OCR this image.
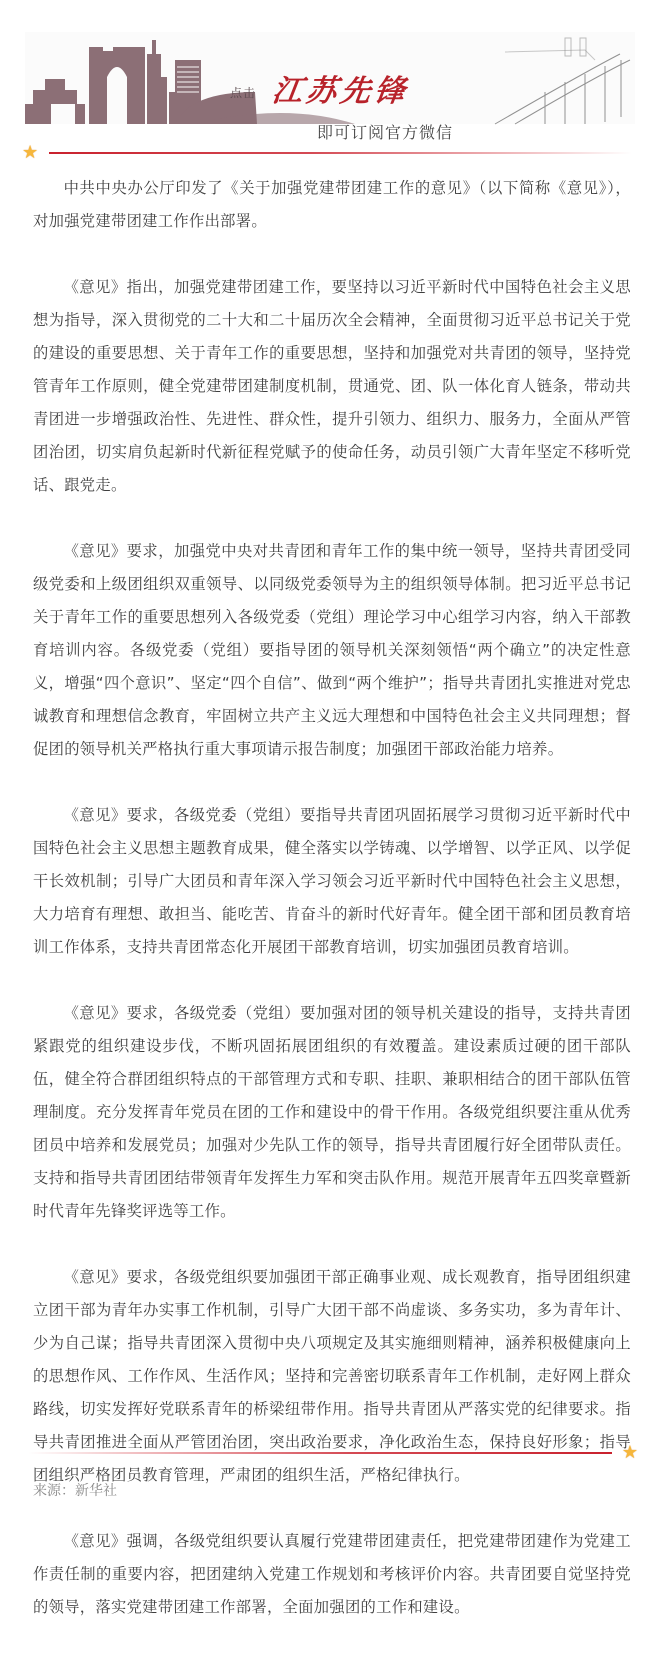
点击 江苏先锋
即可订阅官方微信
★

中共中央办公厅印发了《关于加强党建带团建工作的意见》（以下简称《意见》），对加强党建带团建工作作出部署。

《意见》指出，加强党建带团建工作，要坚持以习近平新时代中国特色社会主义思想为指导，深入贯彻党的二十大和二十届历次全会精神，全面贯彻习近平总书记关于党的建设的重要思想、关于青年工作的重要思想，坚持和加强党对共青团的领导，坚持党管青年工作原则，健全党建带团建制度机制，贯通党、团、队一体化育人链条，带动共青团进一步增强政治性、先进性、群众性，提升引领力、组织力、服务力，全面从严管团治团，切实肩负起新时代新征程党赋予的使命任务，动员引领广大青年坚定不移听党话、跟党走。

《意见》要求，加强党中央对共青团和青年工作的集中统一领导，坚持共青团受同级党委和上级团组织双重领导、以同级党委领导为主的组织领导体制。把习近平总书记关于青年工作的重要思想列入各级党委（党组）理论学习中心组学习内容，纳入干部教育培训内容。各级党委（党组）要指导团的领导机关深刻领悟“两个确立”的决定性意义，增强“四个意识”、坚定“四个自信”、做到“两个维护”；指导共青团扎实推进对党忠诚教育和理想信念教育，牢固树立共产主义远大理想和中国特色社会主义共同理想；督促团的领导机关严格执行重大事项请示报告制度；加强团干部政治能力培养。

《意见》要求，各级党委（党组）要指导共青团巩固拓展学习贯彻习近平新时代中国特色社会主义思想主题教育成果，健全落实以学铸魂、以学增智、以学正风、以学促干长效机制；引导广大团员和青年深入学习领会习近平新时代中国特色社会主义思想，大力培育有理想、敢担当、能吃苦、肯奋斗的新时代好青年。健全团干部和团员教育培训工作体系，支持共青团常态化开展团干部教育培训，切实加强团员教育培训。

《意见》要求，各级党委（党组）要加强对团的领导机关建设的指导，支持共青团紧跟党的组织建设步伐，不断巩固拓展团组织的有效覆盖。建设素质过硬的团干部队伍，健全符合群团组织特点的干部管理方式和专职、挂职、兼职相结合的团干部队伍管理制度。充分发挥青年党员在团的工作和建设中的骨干作用。各级党组织要注重从优秀团员中培养和发展党员；加强对少先队工作的领导，指导共青团履行好全团带队责任。支持和指导共青团团结带领青年发挥生力军和突击队作用。规范开展青年五四奖章暨新时代青年先锋奖评选等工作。

《意见》要求，各级党组织要加强团干部正确事业观、成长观教育，指导团组织建立团干部为青年办实事工作机制，引导广大团干部不尚虚谈、多务实功，多为青年计、少为自己谋；指导共青团深入贯彻中央八项规定及其实施细则精神，涵养积极健康向上的思想作风、工作作风、生活作风；坚持和完善密切联系青年工作机制，走好网上群众路线，切实发挥好党联系青年的桥梁纽带作用。指导共青团从严落实党的纪律要求。指导共青团推进全面从严管团治团，突出政治要求，净化政治生态，保持良好形象；指导团组织严格团员教育管理，严肃团的组织生活，严格纪律执行。

《意见》强调，各级党组织要认真履行党建带团建责任，把党建带团建作为党建工作责任制的重要内容，把团建纳入党建工作规划和考核评价内容。共青团要自觉坚持党的领导，落实党建带团建工作部署，全面加强团的工作和建设。

★
来源：新华社
